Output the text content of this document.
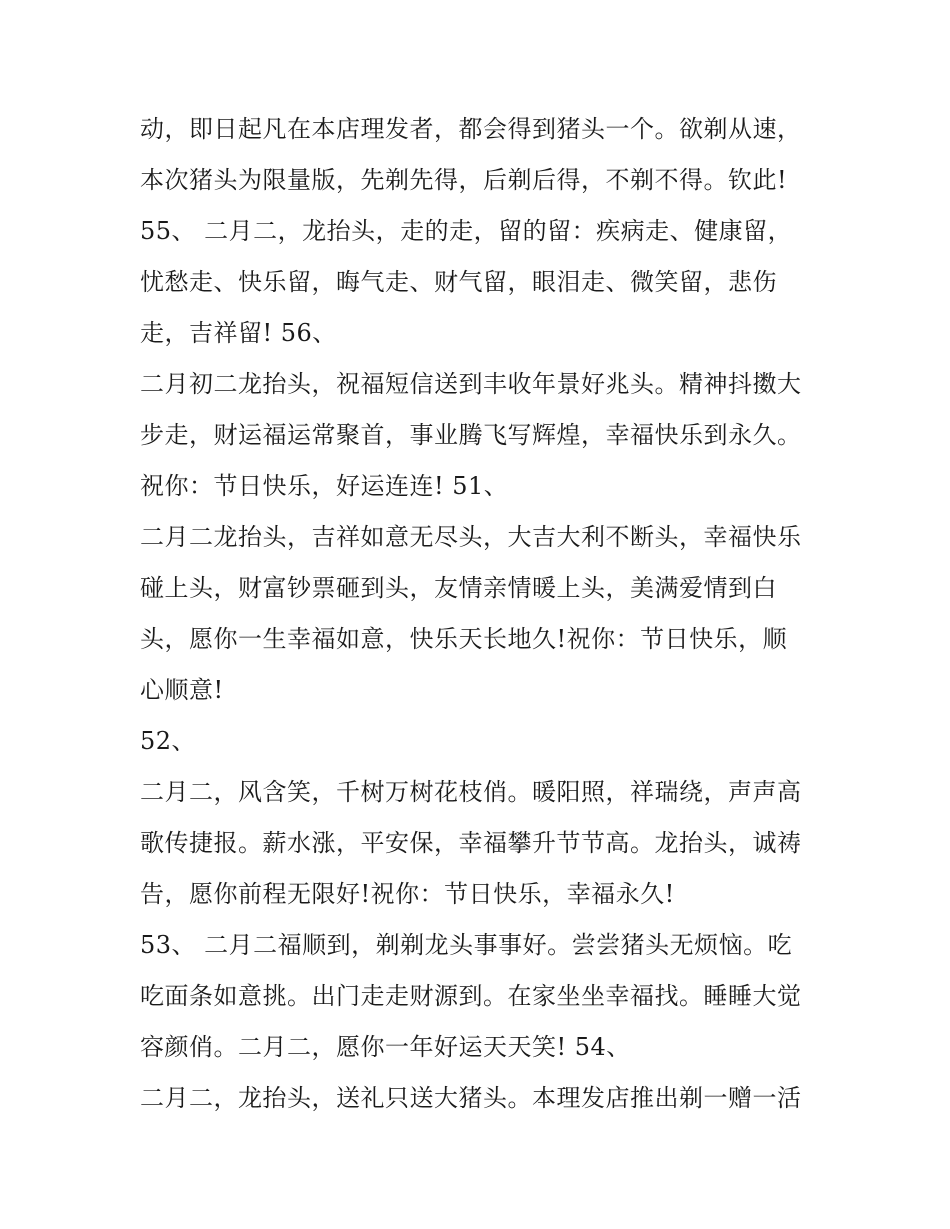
动，即日起凡在本店理发者，都会得到猪头一个。欲剃从速，
本次猪头为限量版，先剃先得，后剃后得，不剃不得。钦此!
55、 二月二，龙抬头，走的走，留的留：疾病走、健康留，
忧愁走、快乐留，晦气走、财气留，眼泪走、微笑留，悲伤
走，吉祥留! 56、
二月初二龙抬头，祝福短信送到丰收年景好兆头。精神抖擞大
步走，财运福运常聚首，事业腾飞写辉煌，幸福快乐到永久。
祝你：节日快乐，好运连连! 51、
二月二龙抬头，吉祥如意无尽头，大吉大利不断头，幸福快乐
碰上头，财富钞票砸到头，友情亲情暖上头，美满爱情到白
头，愿你一生幸福如意，快乐天长地久!祝你：节日快乐，顺
心顺意!
52、
二月二，风含笑，千树万树花枝俏。暖阳照，祥瑞绕，声声高
歌传捷报。薪水涨，平安保，幸福攀升节节高。龙抬头，诚祷
告，愿你前程无限好!祝你：节日快乐，幸福永久!
53、 二月二福顺到，剃剃龙头事事好。尝尝猪头无烦恼。吃
吃面条如意挑。出门走走财源到。在家坐坐幸福找。睡睡大觉
容颜俏。二月二，愿你一年好运天天笑! 54、
二月二，龙抬头，送礼只送大猪头。本理发店推出剃一赠一活
